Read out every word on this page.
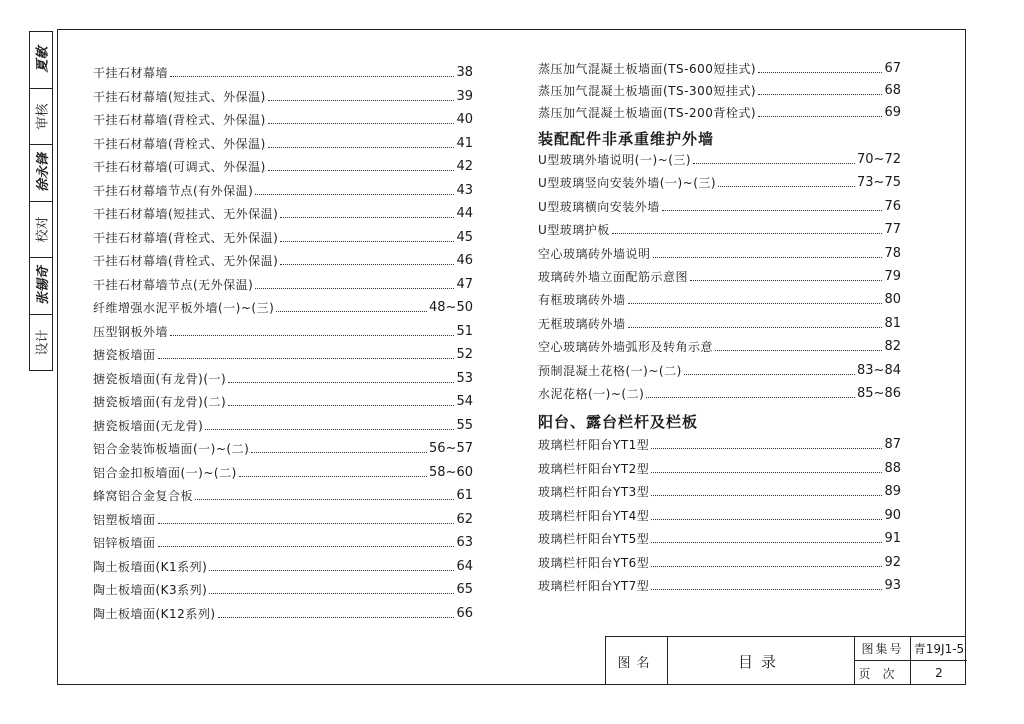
设计
张锡奇
校对
徐永锋
审核
夏敏
干挂石材幕墙	38
干挂石材幕墙(短挂式、外保温)	39
干挂石材幕墙(背栓式、外保温)	40
干挂石材幕墙(背栓式、外保温)	41
干挂石材幕墙(可调式、外保温)	42
干挂石材幕墙节点(有外保温)	43
干挂石材幕墙(短挂式、无外保温)	44
干挂石材幕墙(背栓式、无外保温)	45
干挂石材幕墙(背栓式、无外保温)	46
干挂石材幕墙节点(无外保温)	47
纤维增强水泥平板外墙(一)~(三)	48~50
压型钢板外墙	51
搪瓷板墙面	52
搪瓷板墙面(有龙骨)(一)	53
搪瓷板墙面(有龙骨)(二)	54
搪瓷板墙面(无龙骨)	55
铝合金装饰板墙面(一)~(二)	56~57
铝合金扣板墙面(一)~(二)	58~60
蜂窝铝合金复合板	61
铝塑板墙面	62
铝锌板墙面	63
陶土板墙面(K1系列)	64
陶土板墙面(K3系列)	65
陶土板墙面(K12系列)	66
蒸压加气混凝土板墙面(TS-600短挂式)	67
蒸压加气混凝土板墙面(TS-300短挂式)	68
蒸压加气混凝土板墙面(TS-200背栓式)	69
U型玻璃外墙说明(一)~(三)	70~72
U型玻璃竖向安装外墙(一)~(三)	73~75
U型玻璃横向安装外墙	76
U型玻璃护板	77
空心玻璃砖外墙说明	78
玻璃砖外墙立面配筋示意图	79
有框玻璃砖外墙	80
无框玻璃砖外墙	81
空心玻璃砖外墙弧形及转角示意	82
预制混凝土花格(一)~(二)	83~84
水泥花格(一)~(二)	85~86
玻璃栏杆阳台YT1型	87
玻璃栏杆阳台YT2型	88
玻璃栏杆阳台YT3型	89
玻璃栏杆阳台YT4型	90
玻璃栏杆阳台YT5型	91
玻璃栏杆阳台YT6型	92
玻璃栏杆阳台YT7型	93
装配配件非承重维护外墙
阳台、露台栏杆及栏板
图名	目录
图集号 青19J1-5
页次 2
